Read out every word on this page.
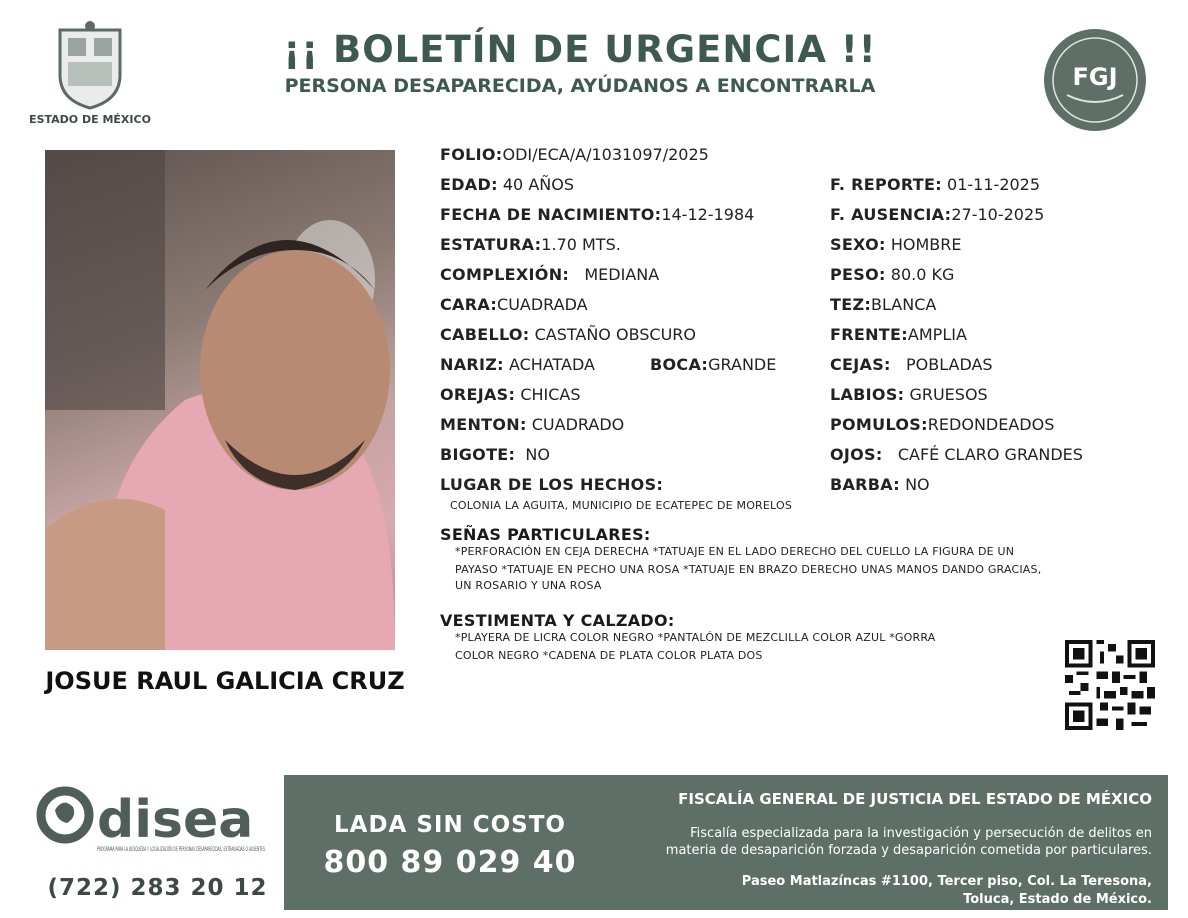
ESTADO DE MÉXICO
¡¡ BOLETÍN DE URGENCIA !!
PERSONA DESAPARECIDA, AYÚDANOS A ENCONTRARLA	FGJ
JOSUE RAUL GALICIA CRUZ
FOLIO:ODI/ECA/A/1031097/2025
EDAD: 40 AÑOS	F. REPORTE: 01-11-2025
FECHA DE NACIMIENTO:14-12-1984	F. AUSENCIA:27-10-2025
ESTATURA:1.70 MTS.	SEXO: HOMBRE
COMPLEXIÓN: MEDIANA	PESO: 80.0 KG
CARA:CUADRADA	TEZ:BLANCA
CABELLO: CASTAÑO OBSCURO	FRENTE:AMPLIA
NARIZ: ACHATADA	BOCA:GRANDE	CEJAS: POBLADAS
OREJAS: CHICAS	LABIOS: GRUESOS
MENTON: CUADRADO	POMULOS:REDONDEADOS
BIGOTE: NO	OJOS: CAFÉ CLARO GRANDES
LUGAR DE LOS HECHOS:	BARBA: NO
COLONIA LA AGUITA, MUNICIPIO DE ECATEPEC DE MORELOS
SEÑAS PARTICULARES:
*PERFORACIÓN EN CEJA DERECHA *TATUAJE EN EL LADO DERECHO DEL CUELLO LA FIGURA DE UN
PAYASO *TATUAJE EN PECHO UNA ROSA *TATUAJE EN BRAZO DERECHO UNAS MANOS DANDO GRACIAS,
UN ROSARIO Y UNA ROSA
VESTIMENTA Y CALZADO:
*PLAYERA DE LICRA COLOR NEGRO *PANTALÓN DE MEZCLILLA COLOR AZUL *GORRA
COLOR NEGRO *CADENA DE PLATA COLOR PLATA DOS
disea
PROGRAMA PARA LA BÚSQUEDA Y LOCALIZACIÓN DE P
(722) 283 20 12
LADA SIN COSTO
800 89 029 40
FISCALÍA GENERAL DE JUSTICIA DEL ESTADO DE MÉXICO
Fiscalía especializada para la investigación y persecución de delitos en
materia de desaparición forzada y desaparición cometida por particulares.
Paseo Matlazíncas #1100, Tercer piso, Col. La Teresona,
Toluca, Estado de México.
